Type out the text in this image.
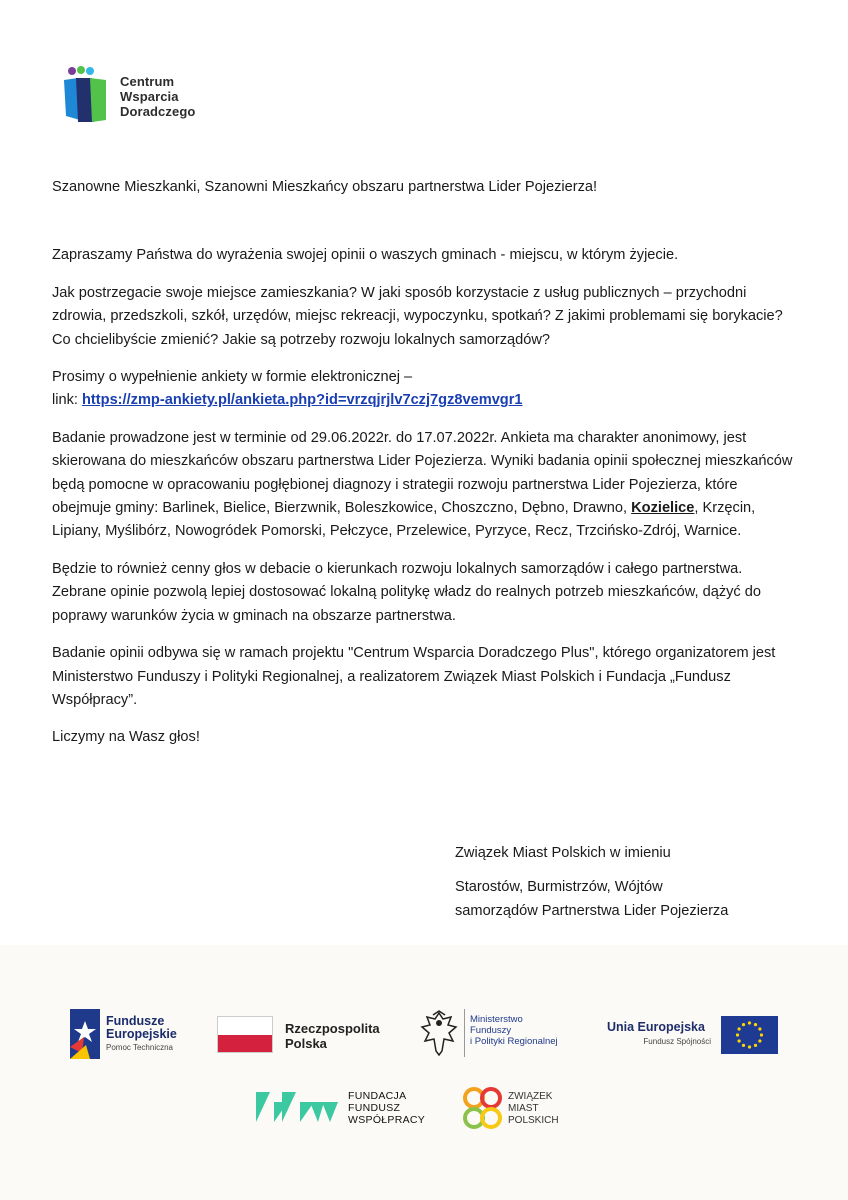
Centrum
Wsparcia
Doradczego

Szanowne Mieszkanki, Szanowni Mieszkańcy obszaru partnerstwa Lider Pojezierza!

Zapraszamy Państwa do wyrażenia swojej opinii o waszych gminach - miejscu, w którym żyjecie.

Jak postrzegacie swoje miejsce zamieszkania? W jaki sposób korzystacie z usług publicznych – przychodni zdrowia, przedszkoli, szkół, urzędów, miejsc rekreacji, wypoczynku, spotkań? Z jakimi problemami się borykacie? Co chcielibyście zmienić? Jakie są potrzeby rozwoju lokalnych samorządów?

Prosimy o wypełnienie ankiety w formie elektronicznej –
link: https://zmp-ankiety.pl/ankieta.php?id=vrzqjrjlv7czj7gz8vemvgr1

Badanie prowadzone jest w terminie od 29.06.2022r. do 17.07.2022r. Ankieta ma charakter anonimowy, jest skierowana do mieszkańców obszaru partnerstwa Lider Pojezierza. Wyniki badania opinii społecznej mieszkańców będą pomocne w opracowaniu pogłębionej diagnozy i strategii rozwoju partnerstwa Lider Pojezierza, które obejmuje gminy: Barlinek, Bielice, Bierzwnik, Boleszkowice, Choszczno, Dębno, Drawno, Kozielice, Krzęcin, Lipiany, Myślibórz, Nowogródek Pomorski, Pełczyce, Przelewice, Pyrzyce, Recz, Trzcińsko-Zdrój, Warnice.

Będzie to również cenny głos w debacie o kierunkach rozwoju lokalnych samorządów i całego partnerstwa. Zebrane opinie pozwolą lepiej dostosować lokalną politykę władz do realnych potrzeb mieszkańców, dążyć do poprawy warunków życia w gminach na obszarze partnerstwa.

Badanie opinii odbywa się w ramach projektu "Centrum Wsparcia Doradczego Plus", którego organizatorem jest Ministerstwo Funduszy i Polityki Regionalnej, a realizatorem Związek Miast Polskich i Fundacja „Fundusz Współpracy”.

Liczymy na Wasz głos!

Związek Miast Polskich w imieniu

Starostów, Burmistrzów, Wójtów

samorządów Partnerstwa Lider Pojezierza

Fundusze
Europejskie
Pomoc Techniczna
Rzeczpospolita
Polska
Ministerstwo
Funduszy
i Polityki Regionalnej
Unia Europejska
Fundusz Spójności
FUNDACJA
FUNDUSZ
WSPÓŁPRACY
ZWIĄZEK
MIAST
POLSKICH
